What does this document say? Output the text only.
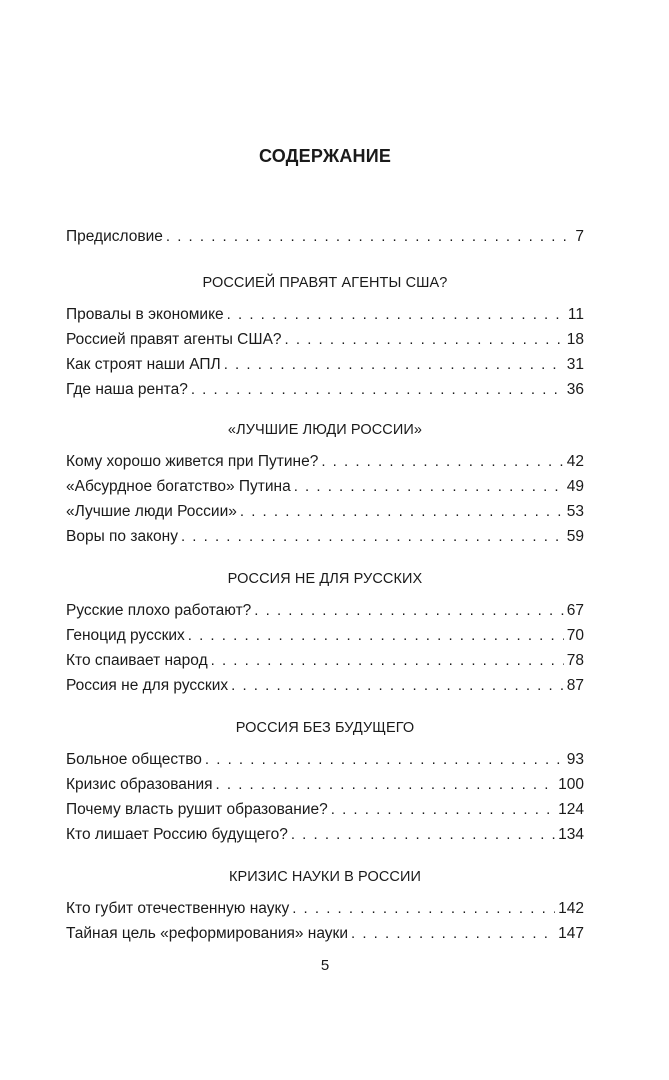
СОДЕРЖАНИЕ
Предисловие . . .	7
РОССИЕЙ ПРАВЯТ АГЕНТЫ США?
Провалы в экономике . . .	11
Россией правят агенты США? . . .	18
Как строят наши АПЛ . . .	31
Где наша рента? . . .	36
«ЛУЧШИЕ ЛЮДИ РОССИИ»
Кому хорошо живется при Путине? . . .	42
«Абсурдное богатство» Путина . . .	49
«Лучшие люди России» . . .	53
Воры по закону . . .	59
РОССИЯ НЕ ДЛЯ РУССКИХ
Русские плохо работают? . . .	67
Геноцид русских . . .	70
Кто спаивает народ . . .	78
Россия не для русских . . .	87
РОССИЯ БЕЗ БУДУЩЕГО
Больное общество . . .	93
Кризис образования . . .	100
Почему власть рушит образование? . . .	124
Кто лишает Россию будущего? . . .	134
КРИЗИС НАУКИ В РОССИИ
Кто губит отечественную науку . . .	142
Тайная цель «реформирования» науки . . .	147
5
